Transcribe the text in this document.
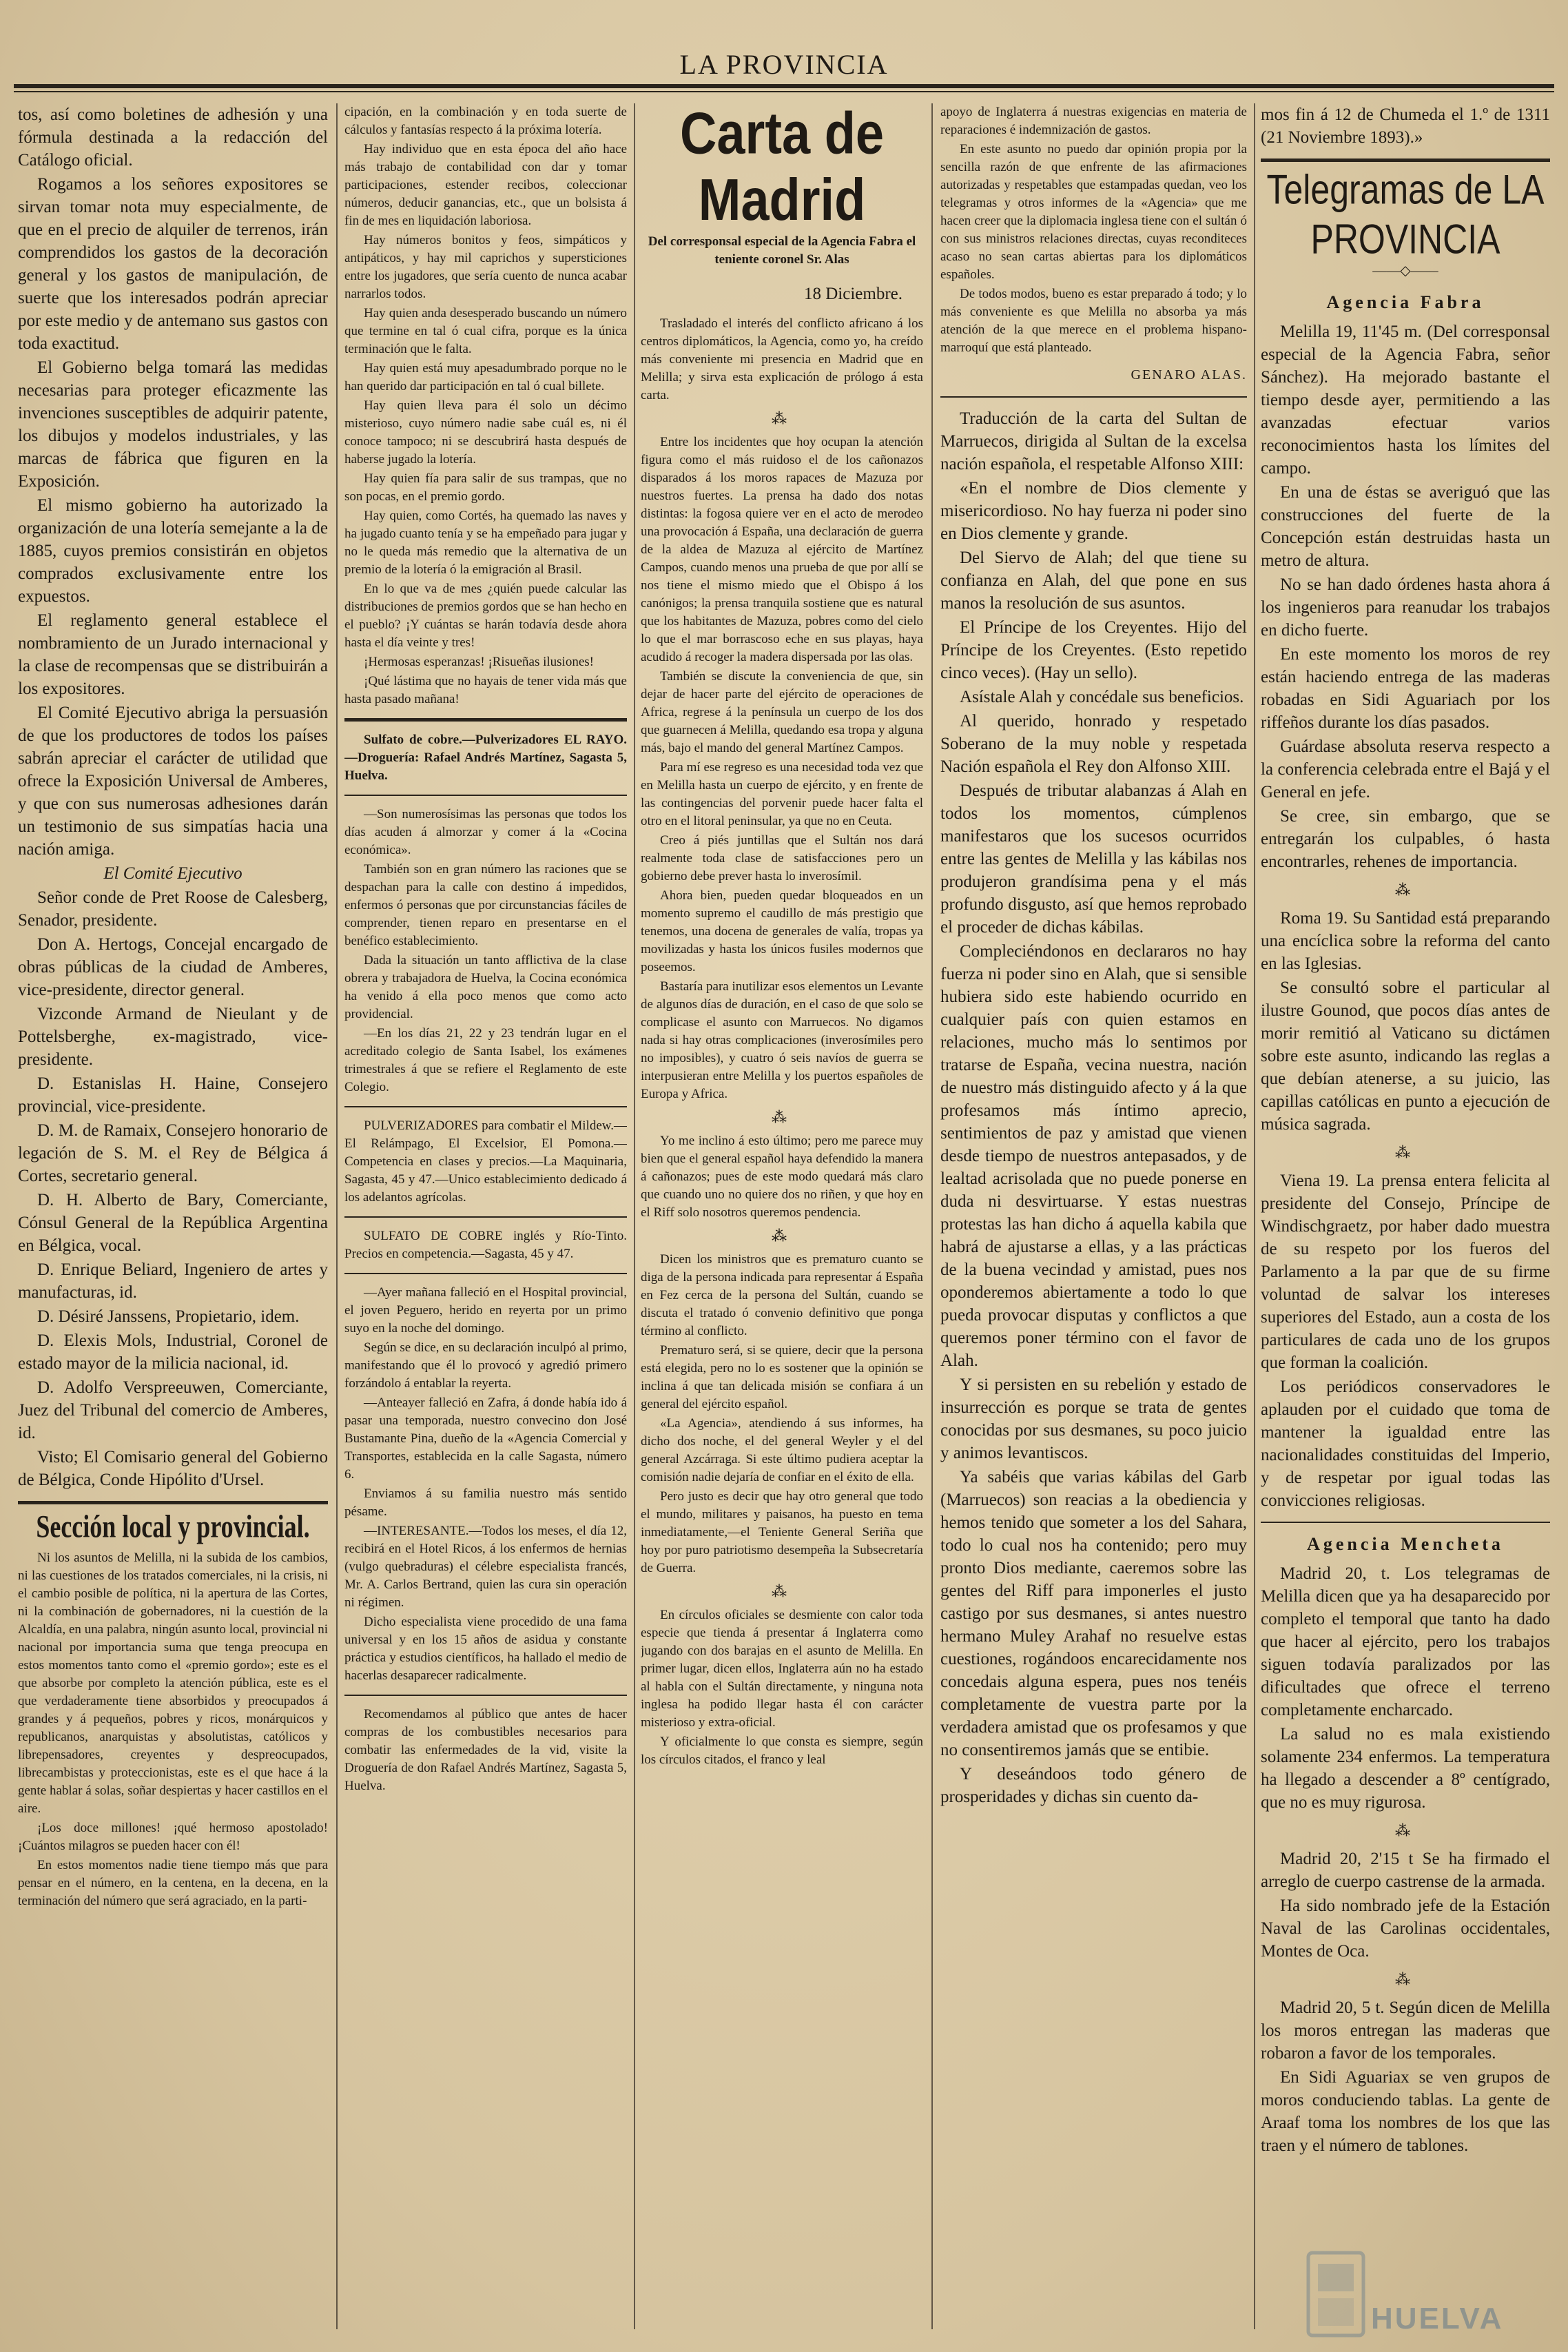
LA PROVINCIA

tos, así como boletines de adhesión y una fórmula destinada a la redacción del Catálogo oficial.

Rogamos a los señores expositores se sirvan tomar nota muy especialmente, de que en el precio de alquiler de terrenos, irán comprendidos los gastos de la decoración general y los gastos de manipulación, de suerte que los interesados podrán apreciar por este medio y de antemano sus gastos con toda exactitud.

El Gobierno belga tomará las medidas necesarias para proteger eficazmente las invenciones susceptibles de adquirir patente, los dibujos y modelos industriales, y las marcas de fábrica que figuren en la Exposición.

El mismo gobierno ha autorizado la organización de una lotería semejante a la de 1885, cuyos premios consistirán en objetos comprados exclusivamente entre los expuestos.

El reglamento general establece el nombramiento de un Jurado internacional y la clase de recompensas que se distribuirán a los expositores.

El Comité Ejecutivo abriga la persuasión de que los productores de todos los países sabrán apreciar el carácter de utilidad que ofrece la Exposición Universal de Amberes, y que con sus numerosas adhesiones darán un testimonio de sus simpatías hacia una nación amiga.

El Comité Ejecutivo

Señor conde de Pret Roose de Calesberg, Senador, presidente.

Don A. Hertogs, Concejal encargado de obras públicas de la ciudad de Amberes, vice-presidente, director general.

Vizconde Armand de Nieulant y de Pottelsberghe, ex-magistrado, vice-presidente.

D. Estanislas H. Haine, Consejero provincial, vice-presidente.

D. M. de Ramaix, Consejero honorario de legación de S. M. el Rey de Bélgica á Cortes, secretario general.

D. H. Alberto de Bary, Comerciante, Cónsul General de la República Argentina en Bélgica, vocal.

D. Enrique Beliard, Ingeniero de artes y manufacturas, id.

D. Désiré Janssens, Propietario, idem.

D. Elexis Mols, Industrial, Coronel de estado mayor de la milicia nacional, id.

D. Adolfo Verspreeuwen, Comerciante, Juez del Tribunal del comercio de Amberes, id.

Visto; El Comisario general del Gobierno de Bélgica, Conde Hipólito d'Ursel.

Sección local y provincial.

Ni los asuntos de Melilla, ni la subida de los cambios, ni las cuestiones de los tratados comerciales, ni la crisis, ni el cambio posible de política, ni la apertura de las Cortes, ni la combinación de gobernadores, ni la cuestión de la Alcaldía, en una palabra, ningún asunto local, provincial ni nacional por importancia suma que tenga preocupa en estos momentos tanto como el «premio gordo»; este es el que absorbe por completo la atención pública, este es el que verdaderamente tiene absorbidos y preocupados á grandes y á pequeños, pobres y ricos, monárquicos y republicanos, anarquistas y absolutistas, católicos y librepensadores, creyentes y despreocupados, librecambistas y proteccionistas, este es el que hace á la gente hablar á solas, soñar despiertas y hacer castillos en el aire.

¡Los doce millones! ¡qué hermoso apostolado! ¡Cuántos milagros se pueden hacer con él!

En estos momentos nadie tiene tiempo más que para pensar en el número, en la centena, en la decena, en la terminación del número que será agraciado, en la parti-

cipación, en la combinación y en toda suerte de cálculos y fantasías respecto á la próxima lotería.

Hay individuo que en esta época del año hace más trabajo de contabilidad con dar y tomar participaciones, estender recibos, coleccionar números, deducir ganancias, etc., que un bolsista á fin de mes en liquidación laboriosa.

Hay números bonitos y feos, simpáticos y antipáticos, y hay mil caprichos y supersticiones entre los jugadores, que sería cuento de nunca acabar narrarlos todos.

Hay quien anda desesperado buscando un número que termine en tal ó cual cifra, porque es la única terminación que le falta.

Hay quien está muy apesadumbrado porque no le han querido dar participación en tal ó cual billete.

Hay quien lleva para él solo un décimo misterioso, cuyo número nadie sabe cuál es, ni él conoce tampoco; ni se descubrirá hasta después de haberse jugado la lotería.

Hay quien fía para salir de sus trampas, que no son pocas, en el premio gordo.

Hay quien, como Cortés, ha quemado las naves y ha jugado cuanto tenía y se ha empeñado para jugar y no le queda más remedio que la alternativa de un premio de la lotería ó la emigración al Brasil.

En lo que va de mes ¿quién puede calcular las distribuciones de premios gordos que se han hecho en el pueblo? ¡Y cuántas se harán todavía desde ahora hasta el día veinte y tres!

¡Hermosas esperanzas! ¡Risueñas ilusiones!

¡Qué lástima que no hayais de tener vida más que hasta pasado mañana!

Sulfato de cobre.—Pulverizadores EL RAYO.—Droguería: Rafael Andrés Martínez, Sagasta 5, Huelva.

—Son numerosísimas las personas que todos los días acuden á almorzar y comer á la «Cocina económica».

También son en gran número las raciones que se despachan para la calle con destino á impedidos, enfermos ó personas que por circunstancias fáciles de comprender, tienen reparo en presentarse en el benéfico establecimiento.

Dada la situación un tanto afflictiva de la clase obrera y trabajadora de Huelva, la Cocina económica ha venido á ella poco menos que como acto providencial.

—En los días 21, 22 y 23 tendrán lugar en el acreditado colegio de Santa Isabel, los exámenes trimestrales á que se refiere el Reglamento de este Colegio.

PULVERIZADORES para combatir el Mildew.—El Relámpago, El Excelsior, El Pomona.—Competencia en clases y precios.—La Maquinaria, Sagasta, 45 y 47.—Unico establecimiento dedicado á los adelantos agrícolas.

SULFATO DE COBRE inglés y Río-Tinto. Precios en competencia.—Sagasta, 45 y 47.

—Ayer mañana falleció en el Hospital provincial, el joven Peguero, herido en reyerta por un primo suyo en la noche del domingo.

Según se dice, en su declaración inculpó al primo, manifestando que él lo provocó y agredió primero forzándolo á entablar la reyerta.

—Anteayer falleció en Zafra, á donde había ido á pasar una temporada, nuestro convecino don José Bustamante Pina, dueño de la «Agencia Comercial y Transportes, establecida en la calle Sagasta, número 6.

Enviamos á su familia nuestro más sentido pésame.

—INTERESANTE.—Todos los meses, el día 12, recibirá en el Hotel Ricos, á los enfermos de hernias (vulgo quebraduras) el célebre especialista francés, Mr. A. Carlos Bertrand, quien las cura sin operación ni régimen.

Dicho especialista viene procedido de una fama universal y en los 15 años de asidua y constante práctica y estudios científicos, ha hallado el medio de hacerlas desaparecer radicalmente.

Recomendamos al público que antes de hacer compras de los combustibles necesarios para combatir las enfermedades de la vid, visite la Droguería de don Rafael Andrés Martínez, Sagasta 5, Huelva.

Carta de Madrid
Del corresponsal especial de la Agencia Fabra el teniente coronel Sr. Alas
18 Diciembre.

Trasladado el interés del conflicto africano á los centros diplomáticos, la Agencia, como yo, ha creído más conveniente mi presencia en Madrid que en Melilla; y sirva esta explicación de prólogo á esta carta.

⁂

Entre los incidentes que hoy ocupan la atención figura como el más ruidoso el de los cañonazos disparados á los moros rapaces de Mazuza por nuestros fuertes. La prensa ha dado dos notas distintas: la fogosa quiere ver en el acto de merodeo una provocación á España, una declaración de guerra de la aldea de Mazuza al ejército de Martínez Campos, cuando menos una prueba de que por allí se nos tiene el mismo miedo que el Obispo á los canónigos; la prensa tranquila sostiene que es natural que los habitantes de Mazuza, pobres como del cielo lo que el mar borrascoso eche en sus playas, haya acudido á recoger la madera dispersada por las olas.

También se discute la conveniencia de que, sin dejar de hacer parte del ejército de operaciones de Africa, regrese á la península un cuerpo de los dos que guarnecen á Melilla, quedando esa tropa y alguna más, bajo el mando del general Martínez Campos.

Para mí ese regreso es una necesidad toda vez que en Melilla hasta un cuerpo de ejército, y en frente de las contingencias del porvenir puede hacer falta el otro en el litoral peninsular, ya que no en Ceuta.

Creo á piés juntillas que el Sultán nos dará realmente toda clase de satisfacciones pero un gobierno debe prever hasta lo inverosímil.

Ahora bien, pueden quedar bloqueados en un momento supremo el caudillo de más prestigio que tenemos, una docena de generales de valía, tropas ya movilizadas y hasta los únicos fusiles modernos que poseemos.

Bastaría para inutilizar esos elementos un Levante de algunos días de duración, en el caso de que solo se complicase el asunto con Marruecos. No digamos nada si hay otras complicaciones (inverosímiles pero no imposibles), y cuatro ó seis navíos de guerra se interpusieran entre Melilla y los puertos españoles de Europa y Africa.

⁂

Yo me inclino á esto último; pero me parece muy bien que el general español haya defendido la manera á cañonazos; pues de este modo quedará más claro que cuando uno no quiere dos no riñen, y que hoy en el Riff solo nosotros queremos pendencia.

⁂

Dicen los ministros que es prematuro cuanto se diga de la persona indicada para representar á España en Fez cerca de la persona del Sultán, cuando se discuta el tratado ó convenio definitivo que ponga término al conflicto.

Prematuro será, si se quiere, decir que la persona está elegida, pero no lo es sostener que la opinión se inclina á que tan delicada misión se confiara á un general del ejército español.

«La Agencia», atendiendo á sus informes, ha dicho dos noche, el del general Weyler y el del general Azcárraga. Si este último pudiera aceptar la comisión nadie dejaría de confiar en el éxito de ella.

Pero justo es decir que hay otro general que todo el mundo, militares y paisanos, ha puesto en tema inmediatamente,—el Teniente General Seriña que hoy por puro patriotismo desempeña la Subsecretaría de Guerra.

⁂

En círculos oficiales se desmiente con calor toda especie que tienda á presentar á Inglaterra como jugando con dos barajas en el asunto de Melilla. En primer lugar, dicen ellos, Inglaterra aún no ha estado al habla con el Sultán directamente, y ninguna nota inglesa ha podido llegar hasta él con carácter misterioso y extra-oficial.

Y oficialmente lo que consta es siempre, según los círculos citados, el franco y leal

apoyo de Inglaterra á nuestras exigencias en materia de reparaciones é indemnización de gastos.

En este asunto no puedo dar opinión propia por la sencilla razón de que enfrente de las afirmaciones autorizadas y respetables que estampadas quedan, veo los telegramas y otros informes de la «Agencia» que me hacen creer que la diplomacia inglesa tiene con el sultán ó con sus ministros relaciones directas, cuyas reconditeces acaso no sean cartas abiertas para los diplomáticos españoles.

De todos modos, bueno es estar preparado á todo; y lo más conveniente es que Melilla no absorba ya más atención de la que merece en el problema hispano-marroquí que está planteado.

GENARO ALAS.

Traducción de la carta del Sultan de Marruecos, dirigida al Sultan de la excelsa nación española, el respetable Alfonso XIII:

«En el nombre de Dios clemente y misericordioso. No hay fuerza ni poder sino en Dios clemente y grande.

Del Siervo de Alah; del que tiene su confianza en Alah, del que pone en sus manos la resolución de sus asuntos.

El Príncipe de los Creyentes. Hijo del Príncipe de los Creyentes. (Esto repetido cinco veces). (Hay un sello).

Asístale Alah y concédale sus beneficios.

Al querido, honrado y respetado Soberano de la muy noble y respetada Nación española el Rey don Alfonso XIII.

Después de tributar alabanzas á Alah en todos los momentos, cúmplenos manifestaros que los sucesos ocurridos entre las gentes de Melilla y las kábilas nos produjeron grandísima pena y el más profundo disgusto, así que hemos reprobado el proceder de dichas kábilas.

Compleciéndonos en declararos no hay fuerza ni poder sino en Alah, que si sensible hubiera sido este habiendo ocurrido en cualquier país con quien estamos en relaciones, mucho más lo sentimos por tratarse de España, vecina nuestra, nación de nuestro más distinguido afecto y á la que profesamos más íntimo aprecio, sentimientos de paz y amistad que vienen desde tiempo de nuestros antepasados, y de lealtad acrisolada que no puede ponerse en duda ni desvirtuarse. Y estas nuestras protestas las han dicho á aquella kabila que habrá de ajustarse a ellas, y a las prácticas de la buena vecindad y amistad, pues nos oponderemos abiertamente a todo lo que pueda provocar disputas y conflictos a que queremos poner término con el favor de Alah.

Y si persisten en su rebelión y estado de insurrección es porque se trata de gentes conocidas por sus desmanes, su poco juicio y animos levantiscos.

Ya sabéis que varias kábilas del Garb (Marruecos) son reacias a la obediencia y hemos tenido que someter a los del Sahara, todo lo cual nos ha contenido; pero muy pronto Dios mediante, caeremos sobre las gentes del Riff para imponerles el justo castigo por sus desmanes, si antes nuestro hermano Muley Arahaf no resuelve estas cuestiones, rogándoos encarecidamente nos concedais alguna espera, pues nos tenéis completamente de vuestra parte por la verdadera amistad que os profesamos y que no consentiremos jamás que se entibie.

Y deseándoos todo género de prosperidades y dichas sin cuento da-

mos fin á 12 de Chumeda el 1.º de 1311 (21 Noviembre 1893).»

Telegramas de LA PROVINCIA
——◇——
Agencia Fabra

Melilla 19, 11'45 m. (Del corresponsal especial de la Agencia Fabra, señor Sánchez). Ha mejorado bastante el tiempo desde ayer, permitiendo a las avanzadas efectuar varios reconocimientos hasta los límites del campo.

En una de éstas se averiguó que las construcciones del fuerte de la Concepción están destruidas hasta un metro de altura.

No se han dado órdenes hasta ahora á los ingenieros para reanudar los trabajos en dicho fuerte.

En este momento los moros de rey están haciendo entrega de las maderas robadas en Sidi Aguariach por los riffeños durante los días pasados.

Guárdase absoluta reserva respecto a la conferencia celebrada entre el Bajá y el General en jefe.

Se cree, sin embargo, que se entregarán los culpables, ó hasta encontrarles, rehenes de importancia.

⁂

Roma 19. Su Santidad está preparando una encíclica sobre la reforma del canto en las Iglesias.

Se consultó sobre el particular al ilustre Gounod, que pocos días antes de morir remitió al Vaticano su dictámen sobre este asunto, indicando las reglas a que debían atenerse, a su juicio, las capillas católicas en punto a ejecución de música sagrada.

⁂

Viena 19. La prensa entera felicita al presidente del Consejo, Príncipe de Windischgraetz, por haber dado muestra de su respeto por los fueros del Parlamento a la par que de su firme voluntad de salvar los intereses superiores del Estado, aun a costa de los particulares de cada uno de los grupos que forman la coalición.

Los periódicos conservadores le aplauden por el cuidado que toma de mantener la igualdad entre las nacionalidades constituidas del Imperio, y de respetar por igual todas las convicciones religiosas.

Agencia Mencheta

Madrid 20, t. Los telegramas de Melilla dicen que ya ha desaparecido por completo el temporal que tanto ha dado que hacer al ejército, pero los trabajos siguen todavía paralizados por las dificultades que ofrece el terreno completamente encharcado.

La salud no es mala existiendo solamente 234 enfermos. La temperatura ha llegado a descender a 8º centígrado, que no es muy rigurosa.

⁂

Madrid 20, 2'15 t Se ha firmado el arreglo de cuerpo castrense de la armada.

Ha sido nombrado jefe de la Estación Naval de las Carolinas occidentales, Montes de Oca.

⁂

Madrid 20, 5 t. Según dicen de Melilla los moros entregan las maderas que robaron a favor de los temporales.

En Sidi Aguariax se ven grupos de moros conduciendo tablas. La gente de Araaf toma los nombres de los que las traen y el número de tablones.

HUELVA
